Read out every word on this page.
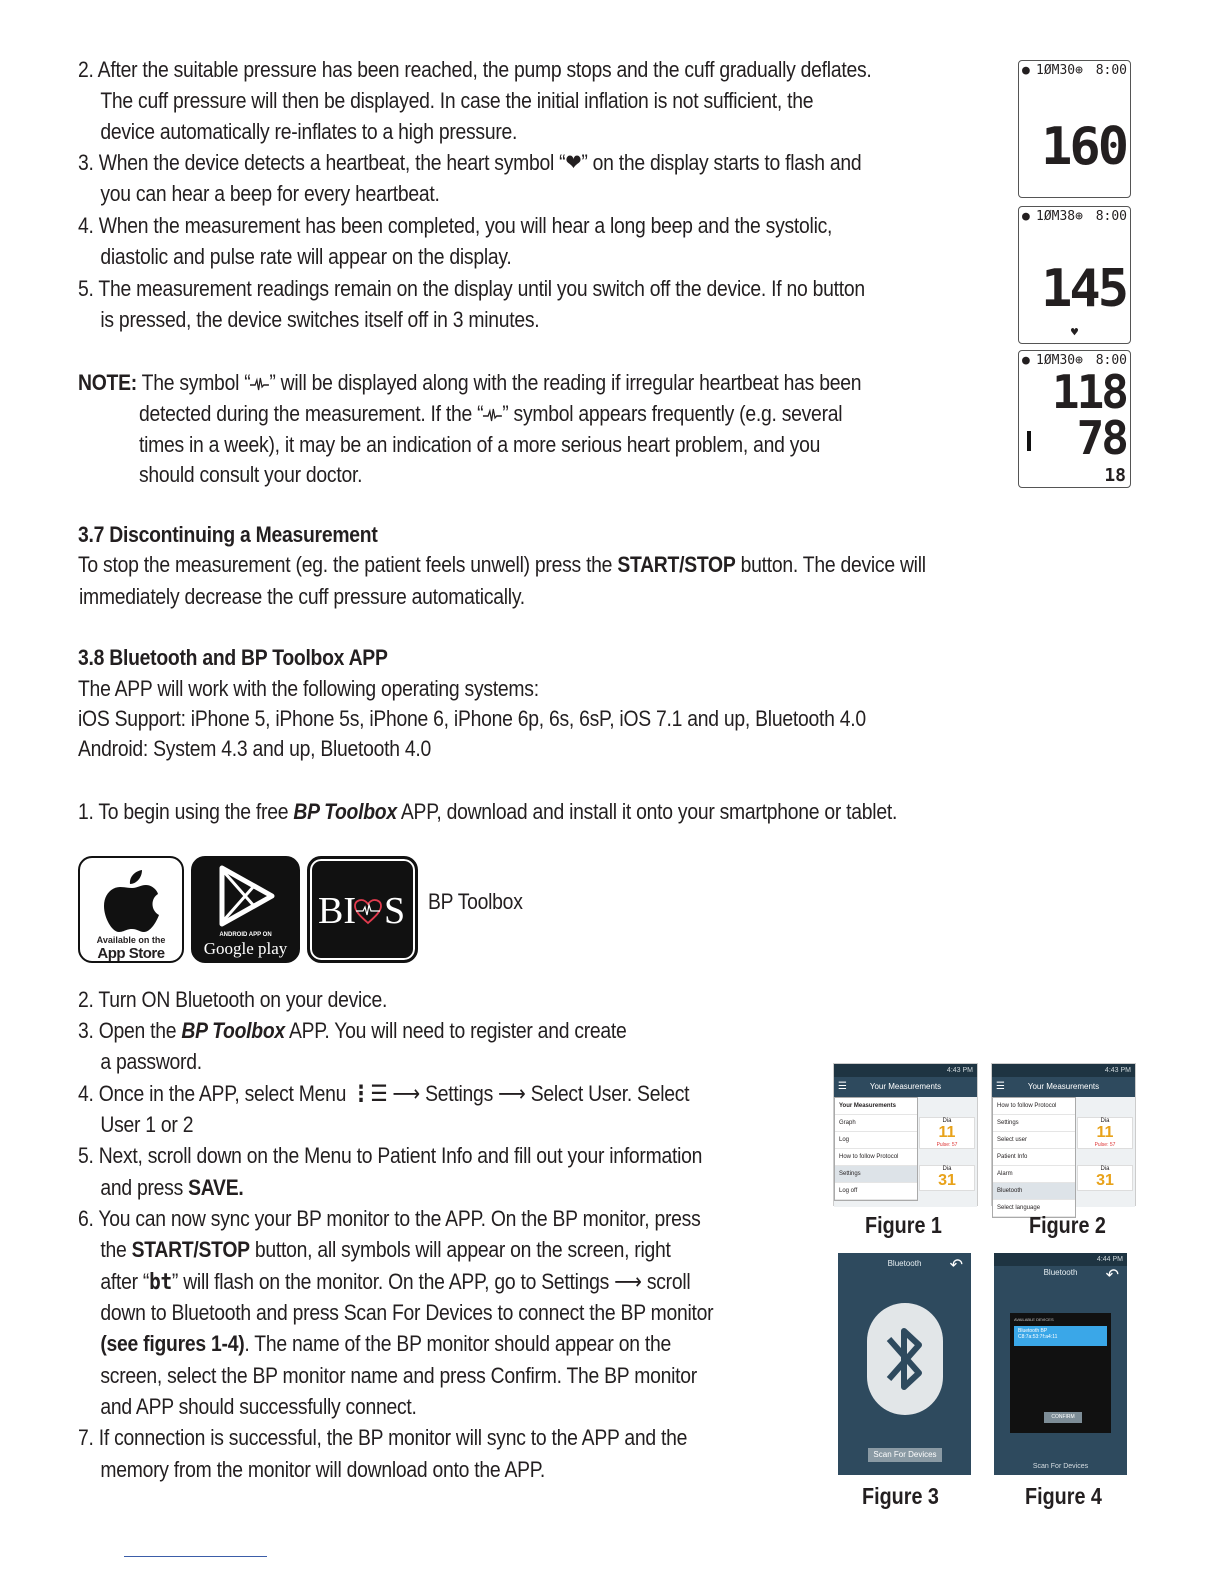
2. After the suitable pressure has been reached, the pump stops and the cuff gradually deflates.
The cuff pressure will then be displayed. In case the initial inflation is not sufficient, the
device automatically re-inflates to a high pressure.
3. When the device detects a heartbeat, the heart symbol “❤” on the display starts to flash and
you can hear a beep for every heartbeat.
4. When the measurement has been completed, you will hear a long beep and the systolic,
diastolic and pulse rate will appear on the display.
5. The measurement readings remain on the display until you switch off the device. If no button
is pressed, the device switches itself off in 3 minutes.
NOTE: The symbol “ ” will be displayed along with the reading if irregular heartbeat has been
detected during the measurement. If the “ ” symbol appears frequently (e.g. several
times in a week), it may be an indication of a more serious heart problem, and you
should consult your doctor.
● 1ØM30⊕ 8:00
160
● 1ØM38⊕ 8:00
145
♥
● 1ØM30⊕ 8:00
118
78
18
3.7 Discontinuing a Measurement
To stop the measurement (eg. the patient feels unwell) press the START/STOP button. The device will
immediately decrease the cuff pressure automatically.
3.8 Bluetooth and BP Toolbox APP
The APP will work with the following operating systems:
iOS Support: iPhone 5, iPhone 5s, iPhone 6, iPhone 6p, 6s, 6sP, iOS 7.1 and up, Bluetooth 4.0
Android: System 4.3 and up, Bluetooth 4.0
1. To begin using the free BP Toolbox APP, download and install it onto your smartphone or tablet.
Available on the
App Store
ANDROID APP ON
Google play
BI S BP Toolbox
2. Turn ON Bluetooth on your device.
3. Open the BP Toolbox APP. You will need to register and create
a password.
4. Once in the APP, select Menu ⋮☰ ⟶ Settings ⟶ Select User. Select
User 1 or 2
5. Next, scroll down on the Menu to Patient Info and fill out your information
and press SAVE.
6. You can now sync your BP monitor to the APP. On the BP monitor, press
the START/STOP button, all symbols will appear on the screen, right
after “bt” will flash on the monitor. On the APP, go to Settings ⟶ scroll
down to Bluetooth and press Scan For Devices to connect the BP monitor
(see figures 1-4). The name of the BP monitor should appear on the
screen, select the BP monitor name and press Confirm. The BP monitor
and APP should successfully connect.
7. If connection is successful, the BP monitor will sync to the APP and the
memory from the monitor will download onto the APP.
4:43 PM
☰	Your Measurements
Dia
11
Pulse: 57
Dia
31
Your Measurements
Graph
Log
How to follow Protocol
Settings
Log off
Figure 1
4:43 PM
☰	Your Measurements
Dia
11
Pulse: 57
Dia
31
How to follow Protocol
Settings
Select user
Patient Info
Alarm
Bluetooth
Select language
Figure 2
Bluetooth	↶
Scan For Devices
Figure 3
4:44 PM
Bluetooth	↶
AVAILABLE DEVICES
Bluetooth BP
C8:7a:53:7f:a4:11
CONFIRM
Scan For Devices
Figure 4
